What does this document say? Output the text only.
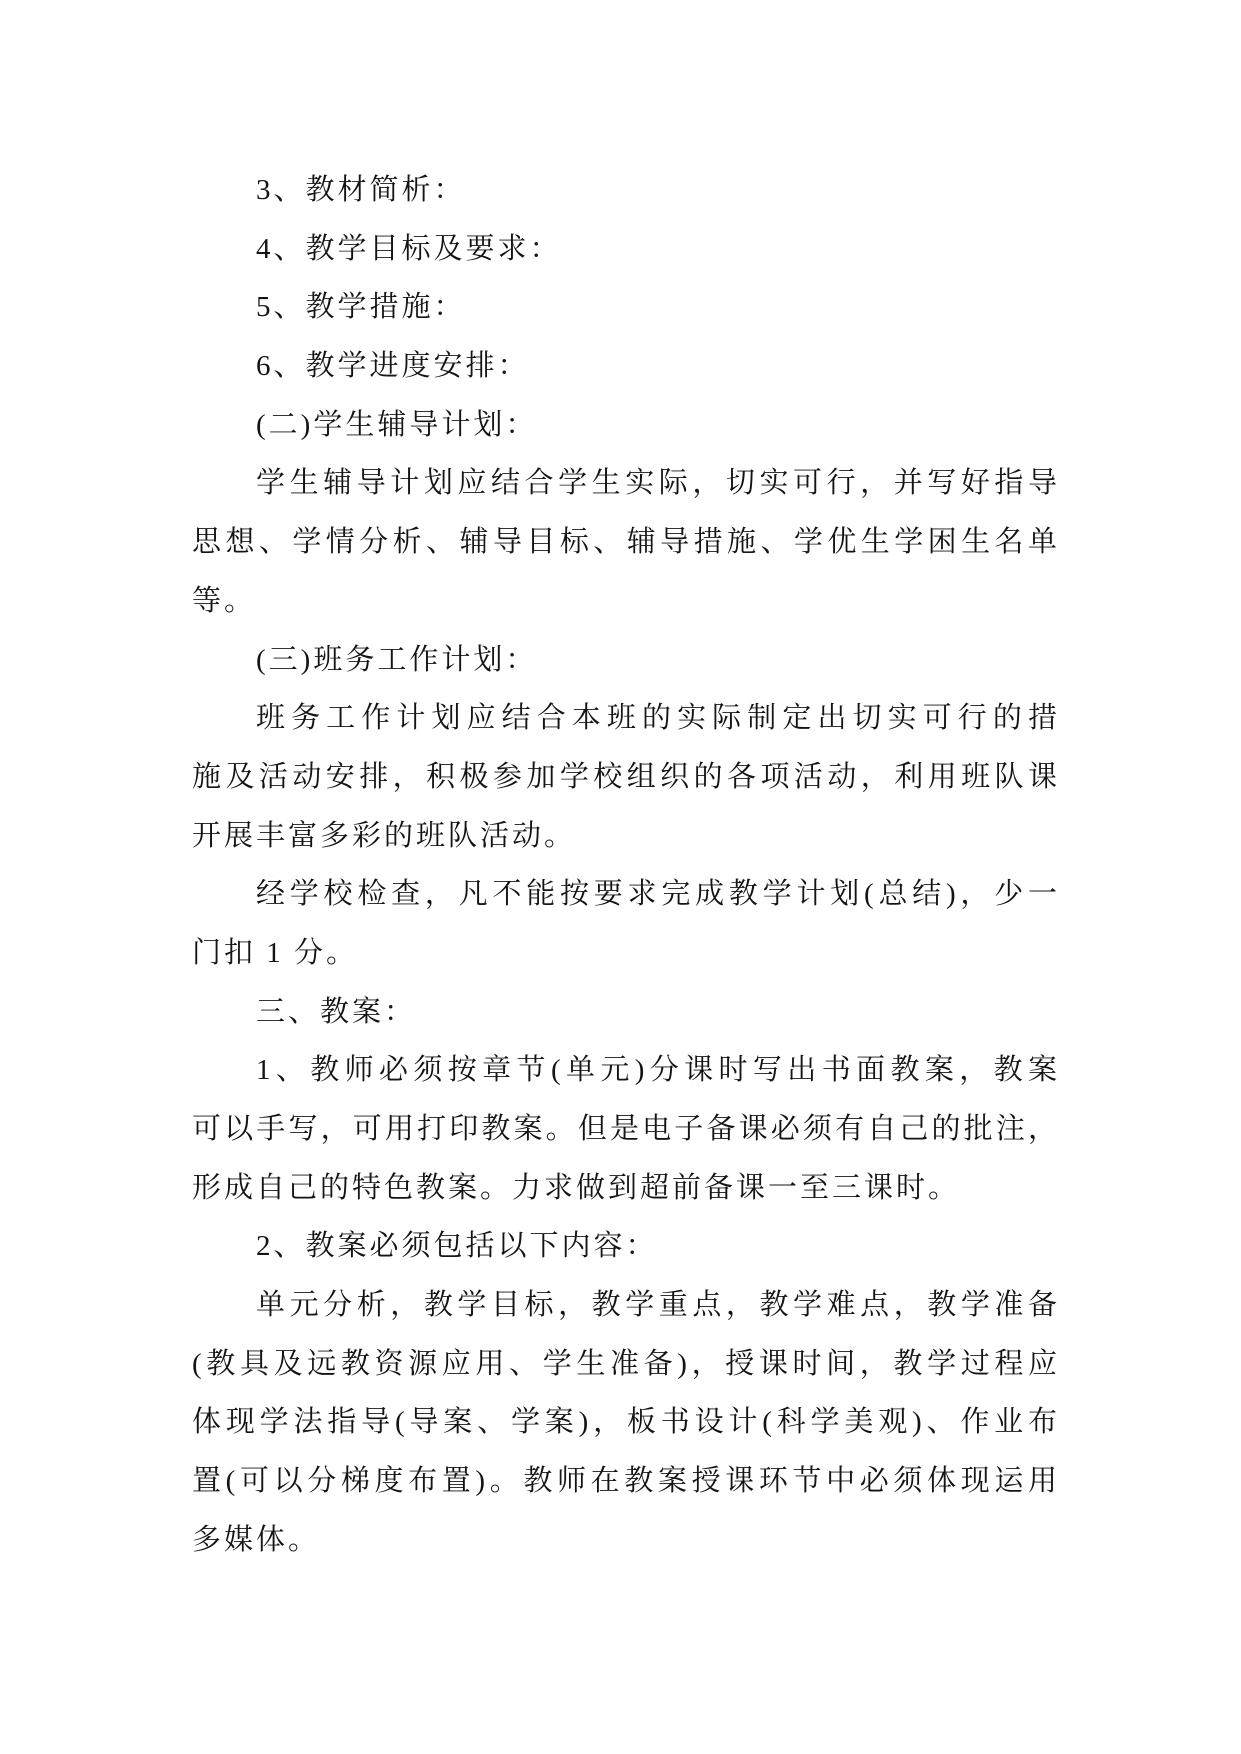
3、教材简析：
4、教学目标及要求：
5、教学措施：
6、教学进度安排：
(二)学生辅导计划：
学生辅导计划应结合学生实际，切实可行，并写好指导
思想、学情分析、辅导目标、辅导措施、学优生学困生名单
等。
(三)班务工作计划：
班务工作计划应结合本班的实际制定出切实可行的措
施及活动安排，积极参加学校组织的各项活动，利用班队课
开展丰富多彩的班队活动。
经学校检查，凡不能按要求完成教学计划(总结)，少一
门扣 1 分。
三、教案：
1、教师必须按章节(单元)分课时写出书面教案，教案
可以手写，可用打印教案。但是电子备课必须有自己的批注，
形成自己的特色教案。力求做到超前备课一至三课时。
2、教案必须包括以下内容：
单元分析，教学目标，教学重点，教学难点，教学准备
(教具及远教资源应用、学生准备)，授课时间，教学过程应
体现学法指导(导案、学案)，板书设计(科学美观)、作业布
置(可以分梯度布置)。教师在教案授课环节中必须体现运用
多媒体。
